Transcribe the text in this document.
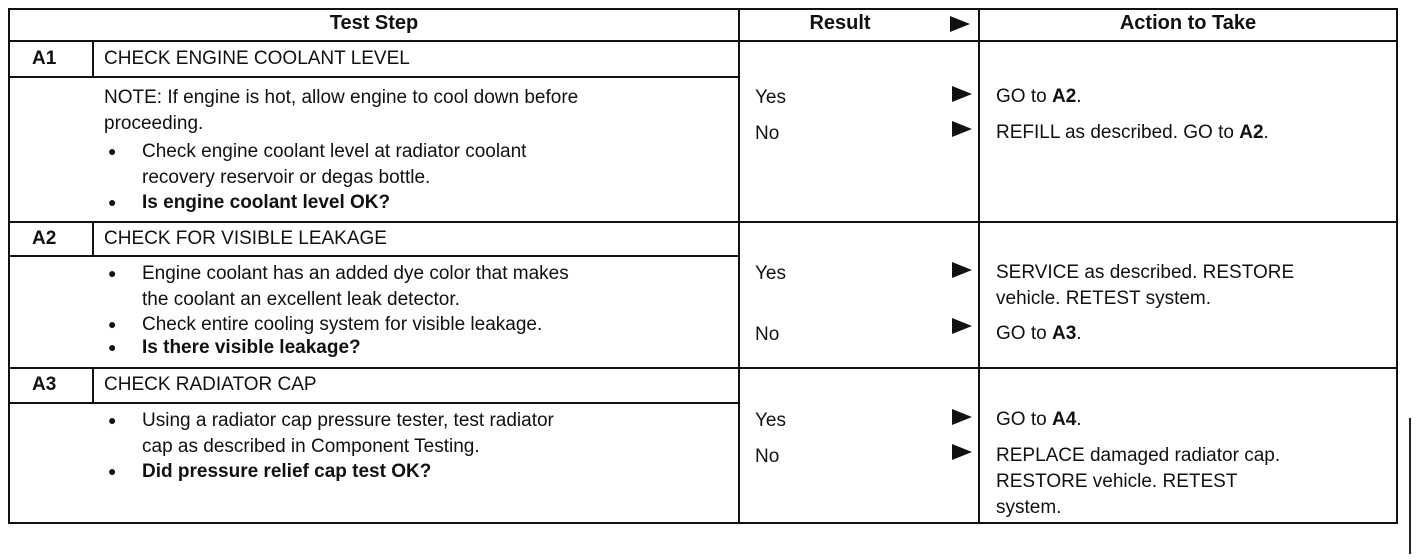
Test Step	Result	Action to Take
A1	CHECK ENGINE COOLANT LEVEL
NOTE: If engine is hot, allow engine to cool down before
proceeding.
● Check engine coolant level at radiator coolant
recovery reservoir or degas bottle.
● Is engine coolant level OK?
Yes	GO to A2.
No	REFILL as described. GO to A2.
A2	CHECK FOR VISIBLE LEAKAGE
● Engine coolant has an added dye color that makes
the coolant an excellent leak detector.
● Check entire cooling system for visible leakage.
● Is there visible leakage?
Yes	SERVICE as described. RESTORE
vehicle. RETEST system.
No	GO to A3.
A3	CHECK RADIATOR CAP
● Using a radiator cap pressure tester, test radiator
cap as described in Component Testing.
● Did pressure relief cap test OK?
Yes	GO to A4.
No	REPLACE damaged radiator cap.
RESTORE vehicle. RETEST
system.
